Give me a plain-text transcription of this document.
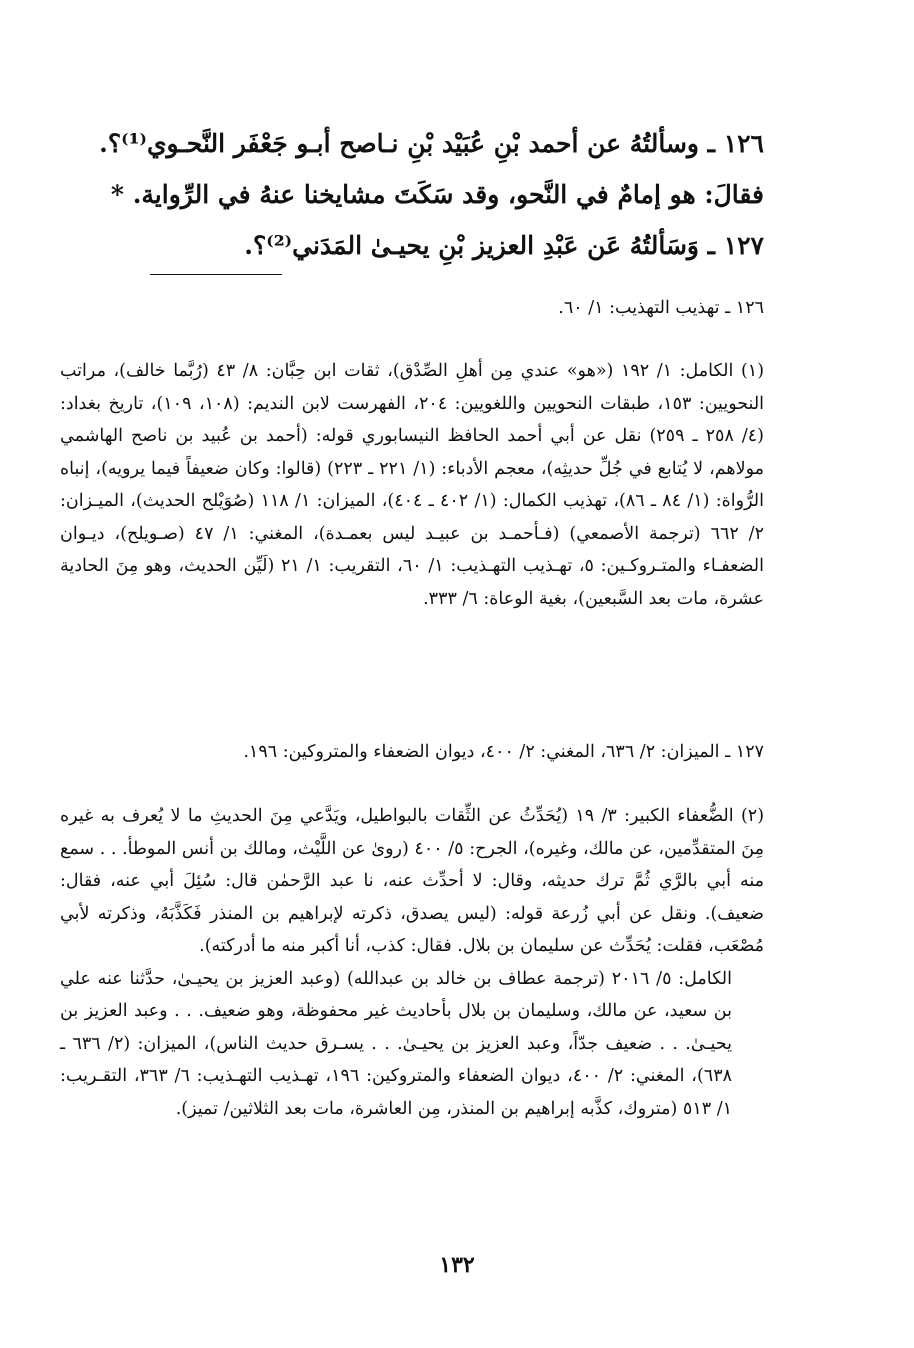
١٢٦ ـ وسألتُهُ عن أحمد بْنِ عُبَيْد بْنِ نـاصح أبـو جَعْفَر النَّحـوي⁽¹⁾؟.

فقالَ: هو إمامٌ في النَّحو، وقد سَكَتَ مشايخنا عنهُ في الرِّواية. *

١٢٧ ـ وَسَألتُهُ عَن عَبْدِ العزيز بْنِ يحيـىٰ المَدَني⁽²⁾؟.

١٢٦ ـ تهذيب التهذيب: ١/ ٦٠.

(١) الكامل: ١/ ١٩٢ («هو» عندي مِن أهلِ الصِّدْق)، ثقات ابن حِبَّان: ٨/ ٤٣ (رُبَّما خالف)، مراتب النحويين: ١٥٣، طبقات النحويين واللغويين: ٢٠٤، الفهرست لابن النديم: (١٠٨، ١٠٩)، تاريخ بغداد: (٤/ ٢٥٨ ـ ٢٥٩) نقل عن أبي أحمد الحافظ النيسابوري قوله: (أحمد بن عُبيد بن ناصح الهاشمي مولاهم، لا يُتابع في جُلِّ حديثِه)، معجم الأدباء: (١/ ٢٢١ ـ ٢٢٣) (قالوا: وكان ضعيفاً فيما يرويه)، إنباه الرُّواة: (١/ ٨٤ ـ ٨٦)، تهذيب الكمال: (١/ ٤٠٢ ـ ٤٠٤)، الميزان: ١/ ١١٨ (صُوَيْلح الحديث)، الميـزان: ٢/ ٦٦٢ (ترجمة الأصمعي) (فـأحمـد بن عبيـد ليس بعمـدة)، المغني: ١/ ٤٧ (صـويلح)، ديـوان الضعفـاء والمتـروكـين: ٥، تهـذيب التهـذيب: ١/ ٦٠، التقريب: ١/ ٢١ (لَيِّن الحديث، وهو مِنَ الحادية عشرة، مات بعد السَّبعين)، بغية الوعاة: ٦/ ٣٣٣.

١٢٧ ـ الميزان: ٢/ ٦٣٦، المغني: ٢/ ٤٠٠، ديوان الضعفاء والمتروكين: ١٩٦.

(٢) الضُّعفاء الكبير: ٣/ ١٩ (يُحَدِّثُ عن الثِّقات بالبواطيل، ويَدَّعي مِنَ الحديثِ ما لا يُعرف به غيره مِنَ المتقدِّمين، عن مالك، وغيره)، الجرح: ٥/ ٤٠٠ (روىٰ عن اللَّيْث، ومالك بن أنس الموطأ. . . سمع منه أبي بالرَّي ثُمَّ ترك حديثه، وقال: لا أحدِّث عنه، نا عبد الرَّحمٰن قال: سُئِلَ أبي عنه، فقال: ضعيف). ونقل عن أبي زُرعة قوله: (ليس يصدق، ذكرته لإبراهيم بن المنذر فَكَذَّبَهُ، وذكرته لأبي مُصْعَب، فقلت: يُحَدِّث عن سليمان بن بلال. فقال: كذب، أنا أكبر منه ما أدركته).

الكامل: ٥/ ٢٠١٦ (ترجمة عطاف بن خالد بن عبدالله) (وعبد العزيز بن يحيـىٰ، حدَّثنا عنه علي بن سعيد، عن مالك، وسليمان بن بلال بأحاديث غير محفوظة، وهو ضعيف. . . وعبد العزيز بن يحيـىٰ. . . ضعيف جدّاً، وعبد العزيز بن يحيـىٰ. . . يسـرق حديث الناس)، الميزان: (٢/ ٦٣٦ ـ ٦٣٨)، المغني: ٢/ ٤٠٠، ديوان الضعفاء والمتروكين: ١٩٦، تهـذيب التهـذيب: ٦/ ٣٦٣، التقـريب: ١/ ٥١٣ (متروك، كذَّبه إبراهيم بن المنذر، مِن العاشرة، مات بعد الثلاثين/ تميز).

١٣٢
